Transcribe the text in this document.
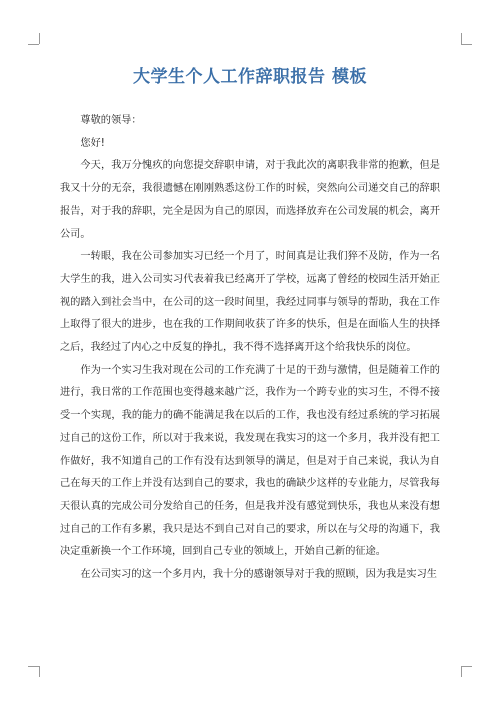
大学生个人工作辞职报告 模板

尊敬的领导：

您好!

今天，我万分愧疚的向您提交辞职申请，对于我此次的离职我非常的抱歉，但是我又十分的无奈，我很遗憾在刚刚熟悉这份工作的时候，突然向公司递交自己的辞职报告，对于我的辞职，完全是因为自己的原因，而选择放弃在公司发展的机会，离开公司。

一转眼，我在公司参加实习已经一个月了，时间真是让我们猝不及防，作为一名大学生的我，进入公司实习代表着我已经离开了学校，远离了曾经的校园生活开始正视的踏入到社会当中，在公司的这一段时间里，我经过同事与领导的帮助，我在工作上取得了很大的进步，也在我的工作期间收获了许多的快乐，但是在面临人生的抉择之后，我经过了内心之中反复的挣扎，我不得不选择离开这个给我快乐的岗位。

作为一个实习生我对现在公司的工作充满了十足的干劲与激情，但是随着工作的进行，我日常的工作范围也变得越来越广泛，我作为一个跨专业的实习生，不得不接受一个实现，我的能力的确不能满足我在以后的工作，我也没有经过系统的学习拓展过自己的这份工作，所以对于我来说，我发现在我实习的这一个多月，我并没有把工作做好，我不知道自己的工作有没有达到领导的满足，但是对于自己来说，我认为自己在每天的工作上并没有达到自己的要求，我也的确缺少这样的专业能力，尽管我每天很认真的完成公司分发给自己的任务，但是我并没有感觉到快乐，我也从来没有想过自己的工作有多累，我只是达不到自己对自己的要求，所以在与父母的沟通下，我决定重新换一个工作环境，回到自己专业的领域上，开始自己新的征途。

在公司实习的这一个多月内，我十分的感谢领导对于我的照顾，因为我是实习生
